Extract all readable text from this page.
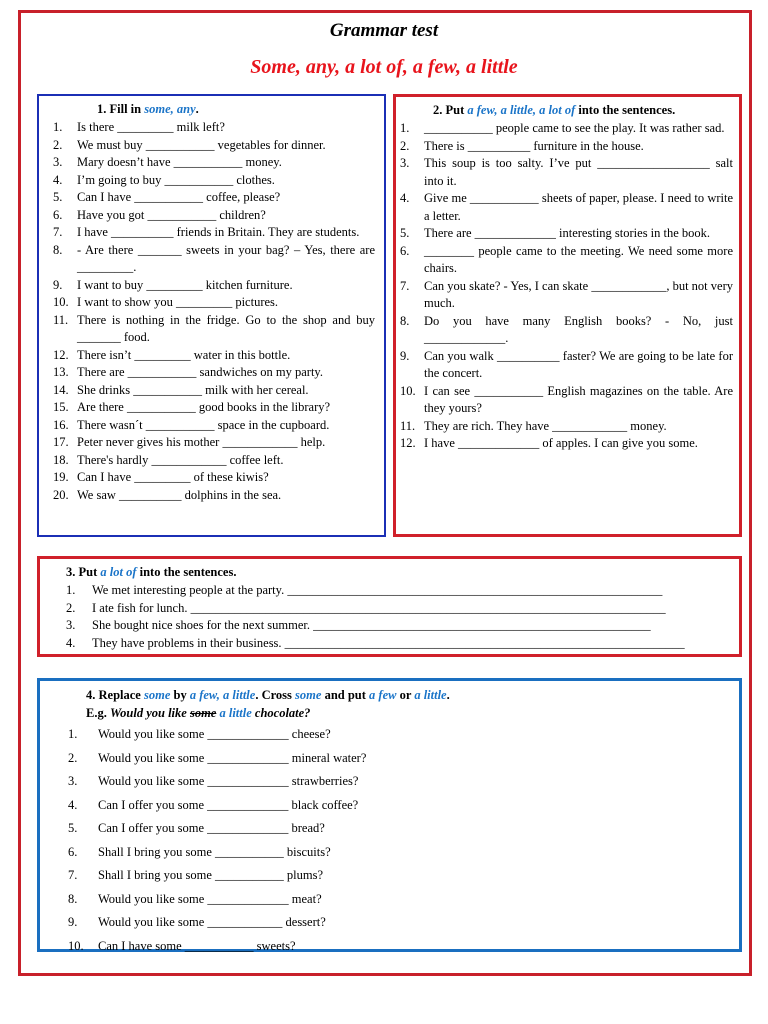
Grammar test
Some, any, a lot of, a few, a little
1. Fill in some, any.
1.	Is there _________ milk left?
2.	We must buy ___________ vegetables for dinner.
3.	Mary doesn’t have ___________ money.
4.	I’m going to buy ___________ clothes.
5.	Can I have ___________ coffee, please?
6.	Have you got ___________ children?
7.	I have __________ friends in Britain. They are students.
8.	- Are there _______ sweets in your bag? – Yes, there are _________.
9.	I want to buy _________ kitchen furniture.
10. I want to show you _________ pictures.
11. There is nothing in the fridge. Go to the shop and buy _______ food.
12. There isn’t _________ water in this bottle.
13. There are ___________ sandwiches on my party.
14. She drinks ___________ milk with her cereal.
15. Are there ___________ good books in the library?
16. There wasn´t ___________ space in the cupboard.
17. Peter never gives his mother ____________ help.
18. There's hardly ____________ coffee left.
19. Can I have _________ of these kiwis?
20. We saw __________ dolphins in the sea.
2. Put a few, a little, a lot of into the sentences.
1.	___________ people came to see the play. It was rather sad.
2.	There is __________ furniture in the house.
3.	This soup is too salty. I’ve put __________________ salt into it.
4.	Give me ___________ sheets of paper, please. I need to write a letter.
5.	There are _____________ interesting stories in the book.
6.	________ people came to the meeting. We need some more chairs.
7.	Can you skate? - Yes, I can skate ____________, but not very much.
8.	Do you have many English books? - No, just _____________.
9.	Can you walk __________ faster? We are going to be late for the concert.
10. I can see ___________ English magazines on the table. Are they yours?
11. They are rich. They have ____________ money.
12. I have _____________ of apples. I can give you some.
3. Put a lot of into the sentences.
1.	We met interesting people at the party. ____________________________________________________________
2.	I ate fish for lunch. ____________________________________________________________________________
3.	She bought nice shoes for the next summer. ______________________________________________________
4.	They have problems in their business. ________________________________________________________________
4. Replace some by a few, a little. Cross some and put a few or a little.
E.g. Would you like some a little chocolate?
1.	Would you like some _____________ cheese?
2.	Would you like some _____________ mineral water?
3.	Would you like some _____________ strawberries?
4.	Can I offer you some _____________ black coffee?
5.	Can I offer you some _____________ bread?
6.	Shall I bring you some ___________ biscuits?
7.	Shall I bring you some ___________ plums?
8.	Would you like some _____________ meat?
9.	Would you like some ____________ dessert?
10.	Can I have some ___________ sweets?
